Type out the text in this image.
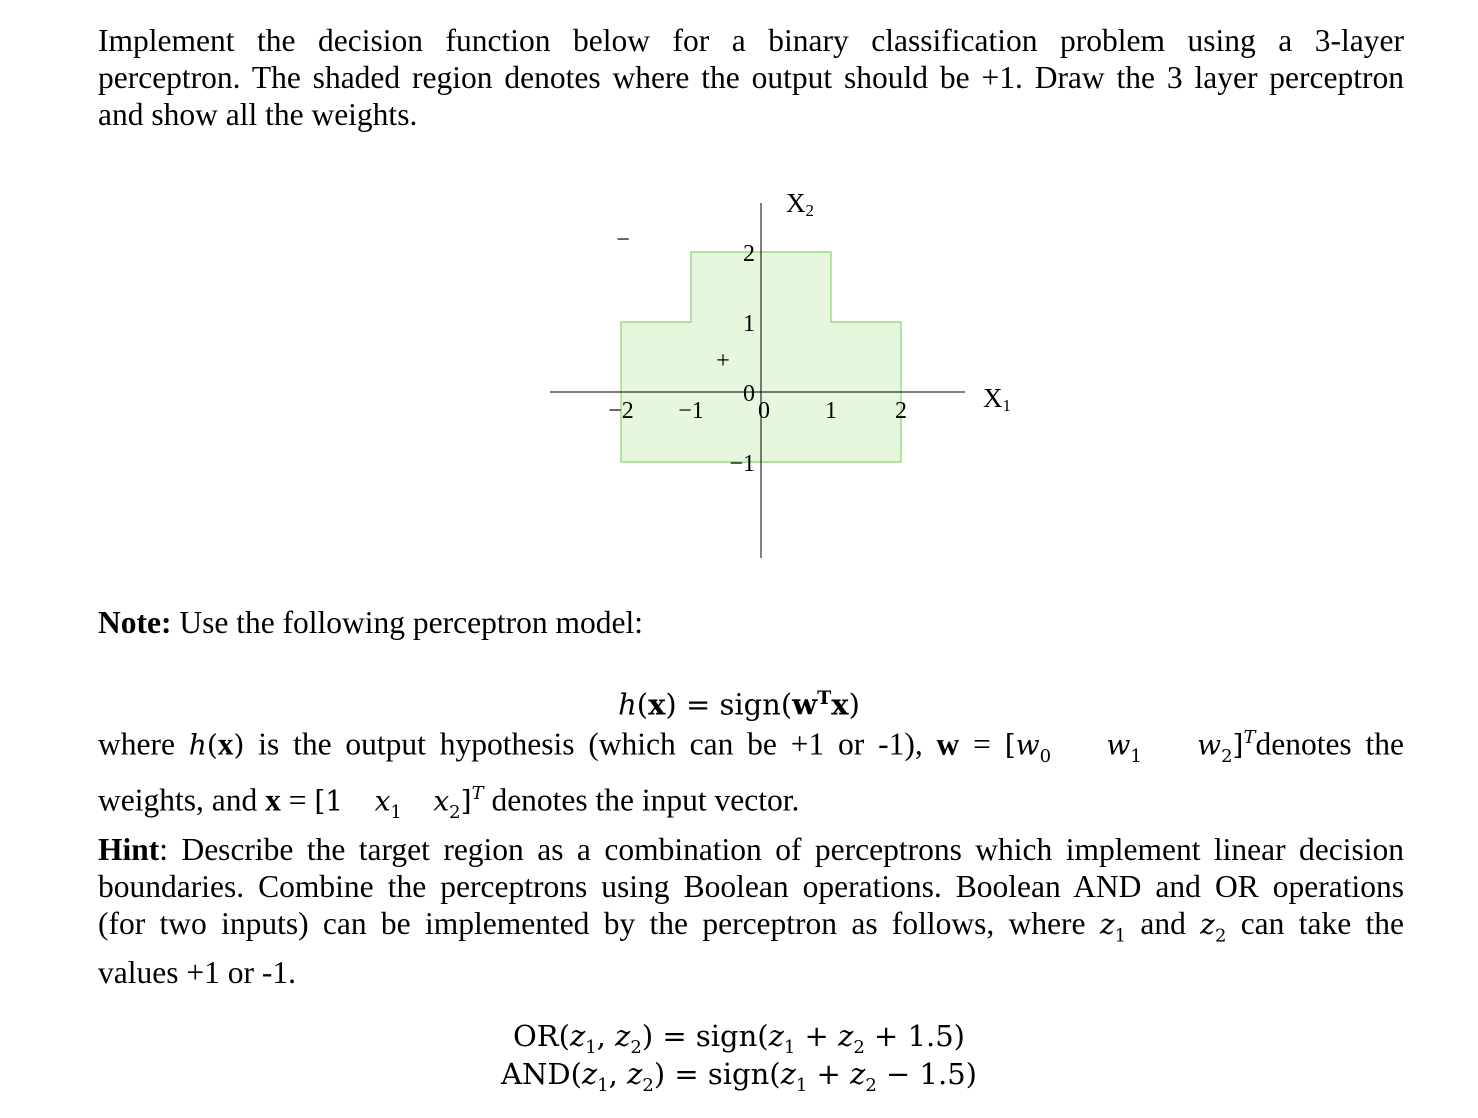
Implement the decision function below for a binary classification problem using a 3-layer
perceptron. The shaded region denotes where the output should be +1. Draw the 3 layer perceptron
and show all the weights.
−2 −1 0 1 2
2
1
0
−1
X1
X2
+
−
Note: Use the following perceptron model:
$h(x) = sign(w^Tx)$
where h(x) is the output hypothesis (which can be +1 or -1), $w = [w_0$ $w_1$ $w_2]^Tdenotes$ the
weights, and x = [1 $x_1$ $x_2]^T$ denotes the input vector.
Hint: Describe the target region as a combination of perceptrons which implement linear decision
boundaries. Combine the perceptrons using Boolean operations. Boolean AND and OR operations
(for two inputs) can be implemented by the perceptron as follows, where $z_1$ and $z_2$ can take the
values +1 or -1.
$OR(z_1$, $z_2$) = $sign(z_1 + z_2 + 1.5)$
$AND(z_1$, $z_2$) = $sign(z_1 + z_2 - 1.5)$
